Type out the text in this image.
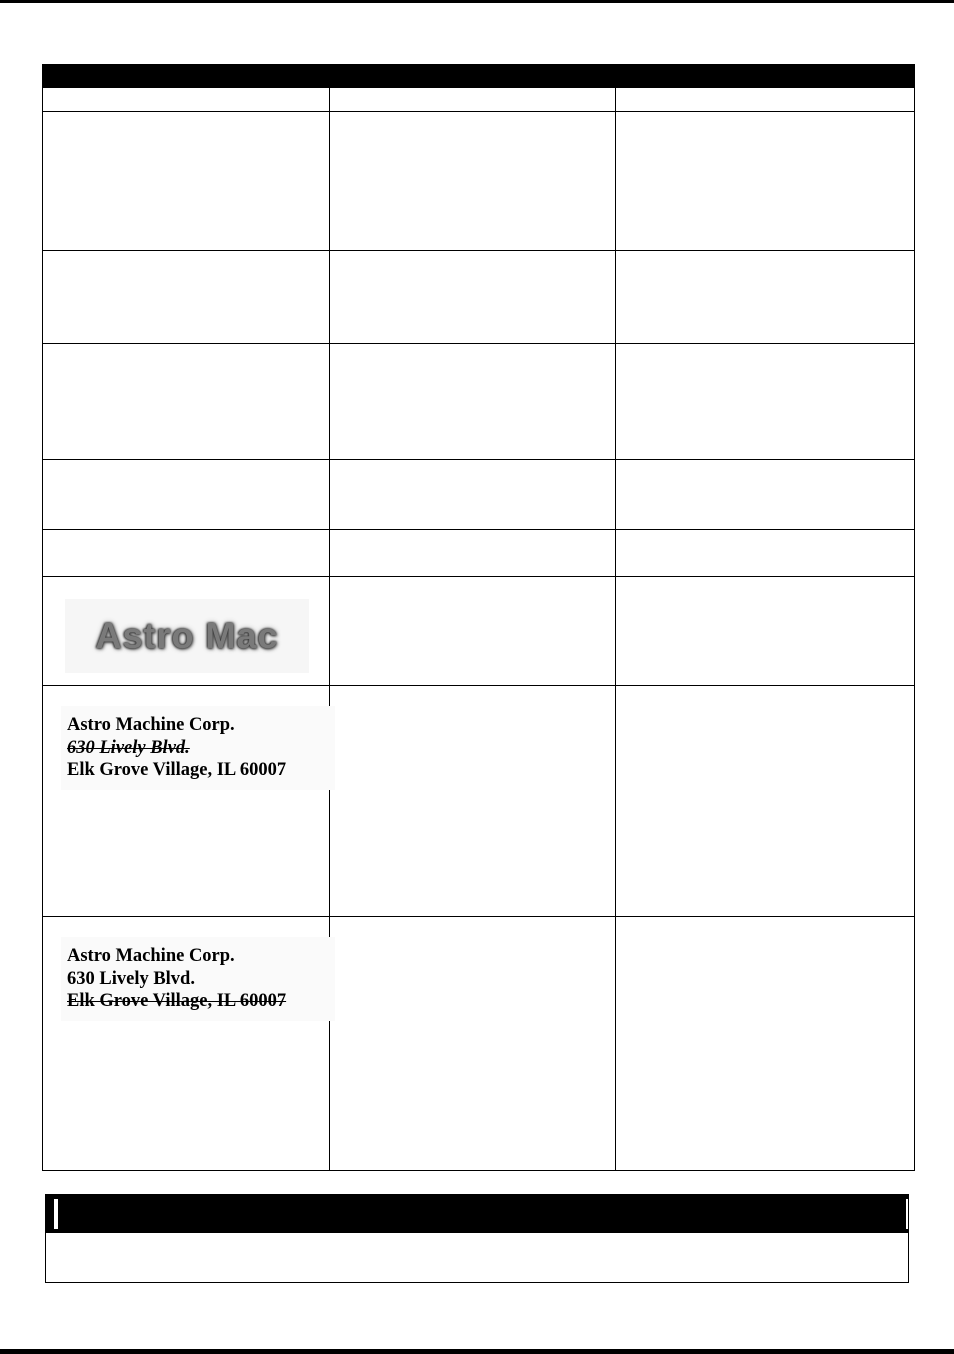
Astro Mac		

Astro Machine Corp.
630 Lively Blvd.
Elk Grove Village, IL 60007		

Astro Machine Corp.
630 Lively Blvd.
Elk Grove Village, IL 60007		
